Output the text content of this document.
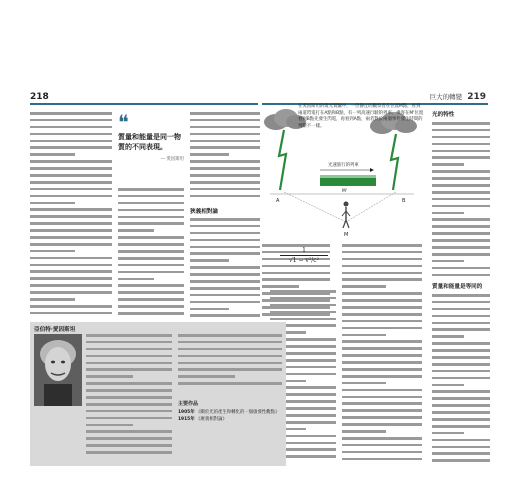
218	巨大的轉變 219
❝
質量和能量是同一物質的不同表現。
— 愛因斯坦
狹義相對論
光速旅行的列車
A	B
M
M'
在愛因斯坦的燈光實驗中，一位靜止的觀察者在位置M點，看到兩道閃電打在A點和B點，有一列高速行駛的列車，乘客在M'位置看到B點先發生閃電，再看到A點，兩者對於兩個事件發生時間的判斷不一樣。
$\frac{1}{\text{√1 − v²/c²}}$
光的特性
質量和能量是等同的
亞伯特·愛因斯坦
主要作品
1905年 《關於光的產生和轉化的一個啟發性觀點》
1915年 《廣義相對論》
